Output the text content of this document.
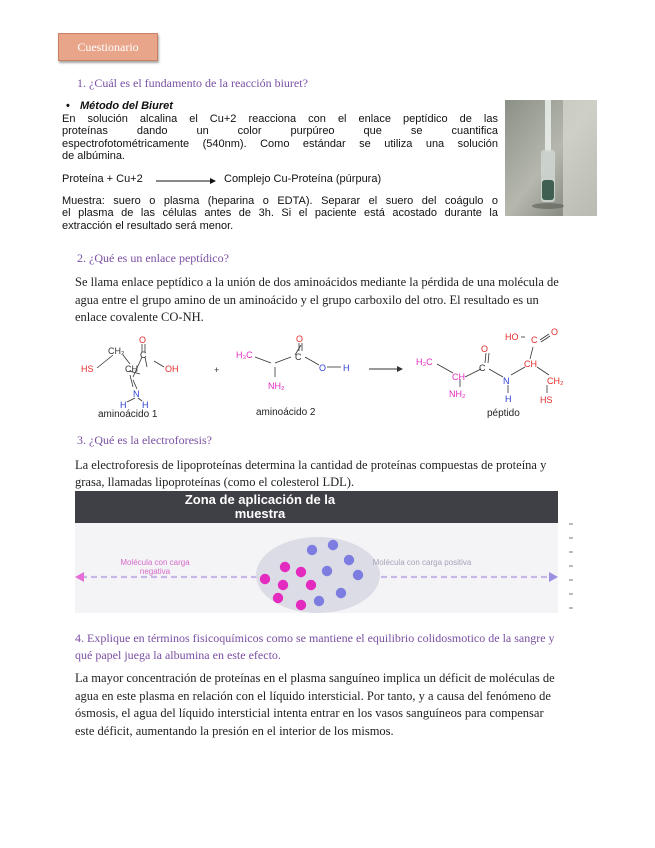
Cuestionario
1. ¿Cuál es el fundamento de la reacción biuret?
• Método del Biuret
En solución alcalina el Cu+2 reacciona con el enlace peptídico de las
proteínas dando un color purpúreo que se cuantifica
espectrofotométricamente (540nm). Como estándar se utiliza una solución
de albúmina.
Proteína + Cu+2	Complejo Cu-Proteína (púrpura)
Muestra: suero o plasma (heparina o EDTA). Separar el suero del coágulo o
el plasma de las células antes de 3h. Si el paciente está acostado durante la
extracción el resultado será menor.
2. ¿Qué es un enlace peptídico?
Se llama enlace peptídico a la unión de dos aminoácidos mediante la pérdida de una molécula de agua entre el grupo amino de un aminoácido y el grupo carboxilo del otro. El resultado es un enlace covalente CO-NH.
CH₂
O
C
OH
HS	CH
N
H H
aminoácido 1
+
H₃C
O
C
O H
NH₂
aminoácido 2
H₃C
CH
NH₂
O
C
N
H
CH
HO C
O
CH₂
HS
péptido
3. ¿Qué es la electroforesis?
La electroforesis de lipoproteínas determina la cantidad de proteínas compuestas de proteína y
grasa, llamadas lipoproteínas (como el colesterol LDL).
Zona de aplicación de la muestra
Molécula con carga negativa
Molécula con carga positiva
4. Explique en términos fisicoquímicos como se mantiene el equilibrio colidosmotico de la sangre y qué papel juega la albumina en este efecto.
La mayor concentración de proteínas en el plasma sanguíneo implica un déficit de moléculas de agua en este plasma en relación con el líquido intersticial. Por tanto, y a causa del fenómeno de ósmosis, el agua del líquido intersticial intenta entrar en los vasos sanguíneos para compensar este déficit, aumentando la presión en el interior de los mismos.
